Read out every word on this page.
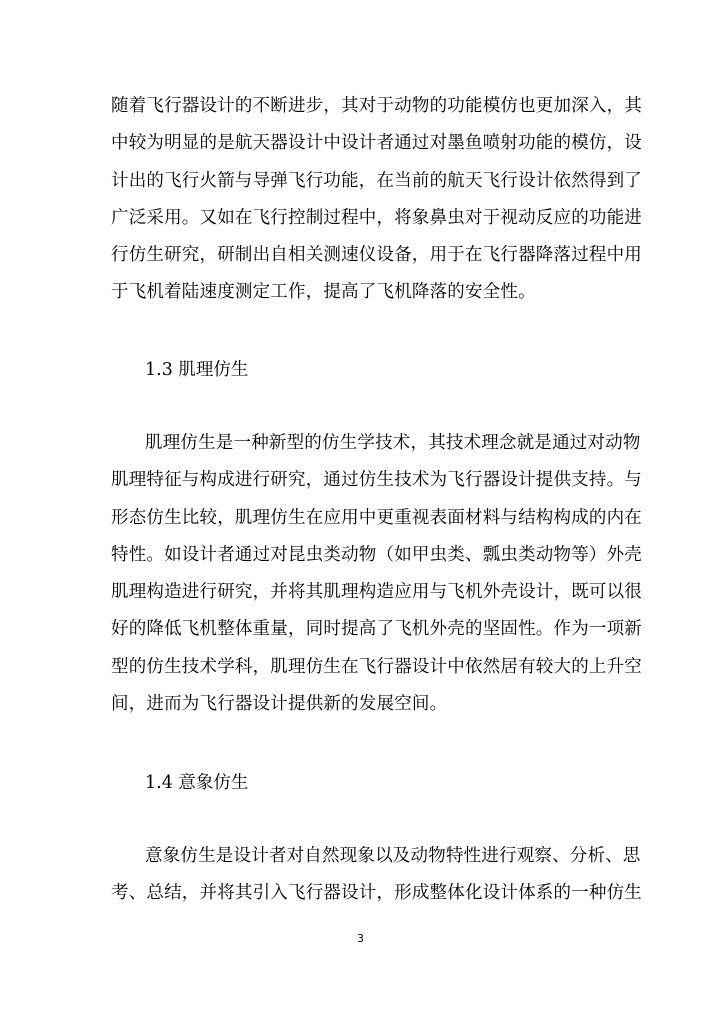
随着飞行器设计的不断进步，其对于动物的功能模仿也更加深入，其
中较为明显的是航天器设计中设计者通过对墨鱼喷射功能的模仿，设
计出的飞行火箭与导弹飞行功能，在当前的航天飞行设计依然得到了
广泛采用。又如在飞行控制过程中，将象鼻虫对于视动反应的功能进
行仿生研究，研制出自相关测速仪设备，用于在飞行器降落过程中用
于飞机着陆速度测定工作，提高了飞机降落的安全性。

1.3 肌理仿生

肌理仿生是一种新型的仿生学技术，其技术理念就是通过对动物
肌理特征与构成进行研究，通过仿生技术为飞行器设计提供支持。与
形态仿生比较，肌理仿生在应用中更重视表面材料与结构构成的内在
特性。如设计者通过对昆虫类动物（如甲虫类、瓢虫类动物等）外壳
肌理构造进行研究，并将其肌理构造应用与飞机外壳设计，既可以很
好的降低飞机整体重量，同时提高了飞机外壳的坚固性。作为一项新
型的仿生技术学科，肌理仿生在飞行器设计中依然居有较大的上升空
间，进而为飞行器设计提供新的发展空间。

1.4 意象仿生

意象仿生是设计者对自然现象以及动物特性进行观察、分析、思
考、总结，并将其引入飞行器设计，形成整体化设计体系的一种仿生

3
